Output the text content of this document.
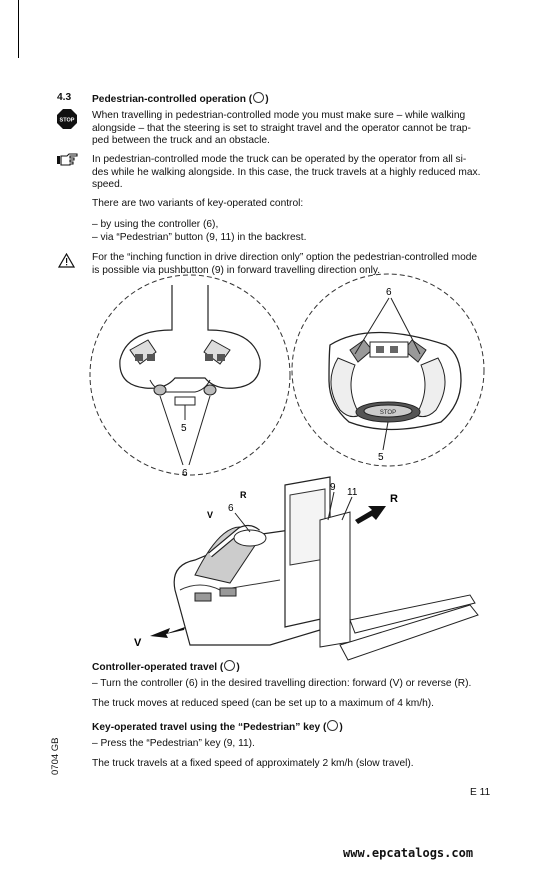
4.3 Pedestrian-controlled operation ( )
STOP When travelling in pedestrian-controlled mode you must make sure – while walking
alongside – that the steering is set to straight travel and the operator cannot be trap-
ped between the truck and an obstacle.
In pedestrian-controlled mode the truck can be operated by the operator from all si-
des while he walking alongside. In this case, the truck travels at a highly reduced max.
speed.
There are two variants of key-operated control:
– by using the controller (6),
– via “Pedestrian” button (9, 11) in the backrest.
For the “inching function in drive direction only” option the pedestrian-controlled mode
is possible via pushbutton (9) in forward travelling direction only.
5
6
STOP
5
6
R
V
9 11
R
V
6
Controller-operated travel ( )
– Turn the controller (6) in the desired travelling direction: forward (V) or reverse (R).
The truck moves at reduced speed (can be set up to a maximum of 4 km/h).
Key-operated travel using the “Pedestrian” key ( )
– Press the “Pedestrian” key (9, 11).
The truck travels at a fixed speed of approximately 2 km/h (slow travel).
0704 GB
E 11
www.epcatalogs.com
